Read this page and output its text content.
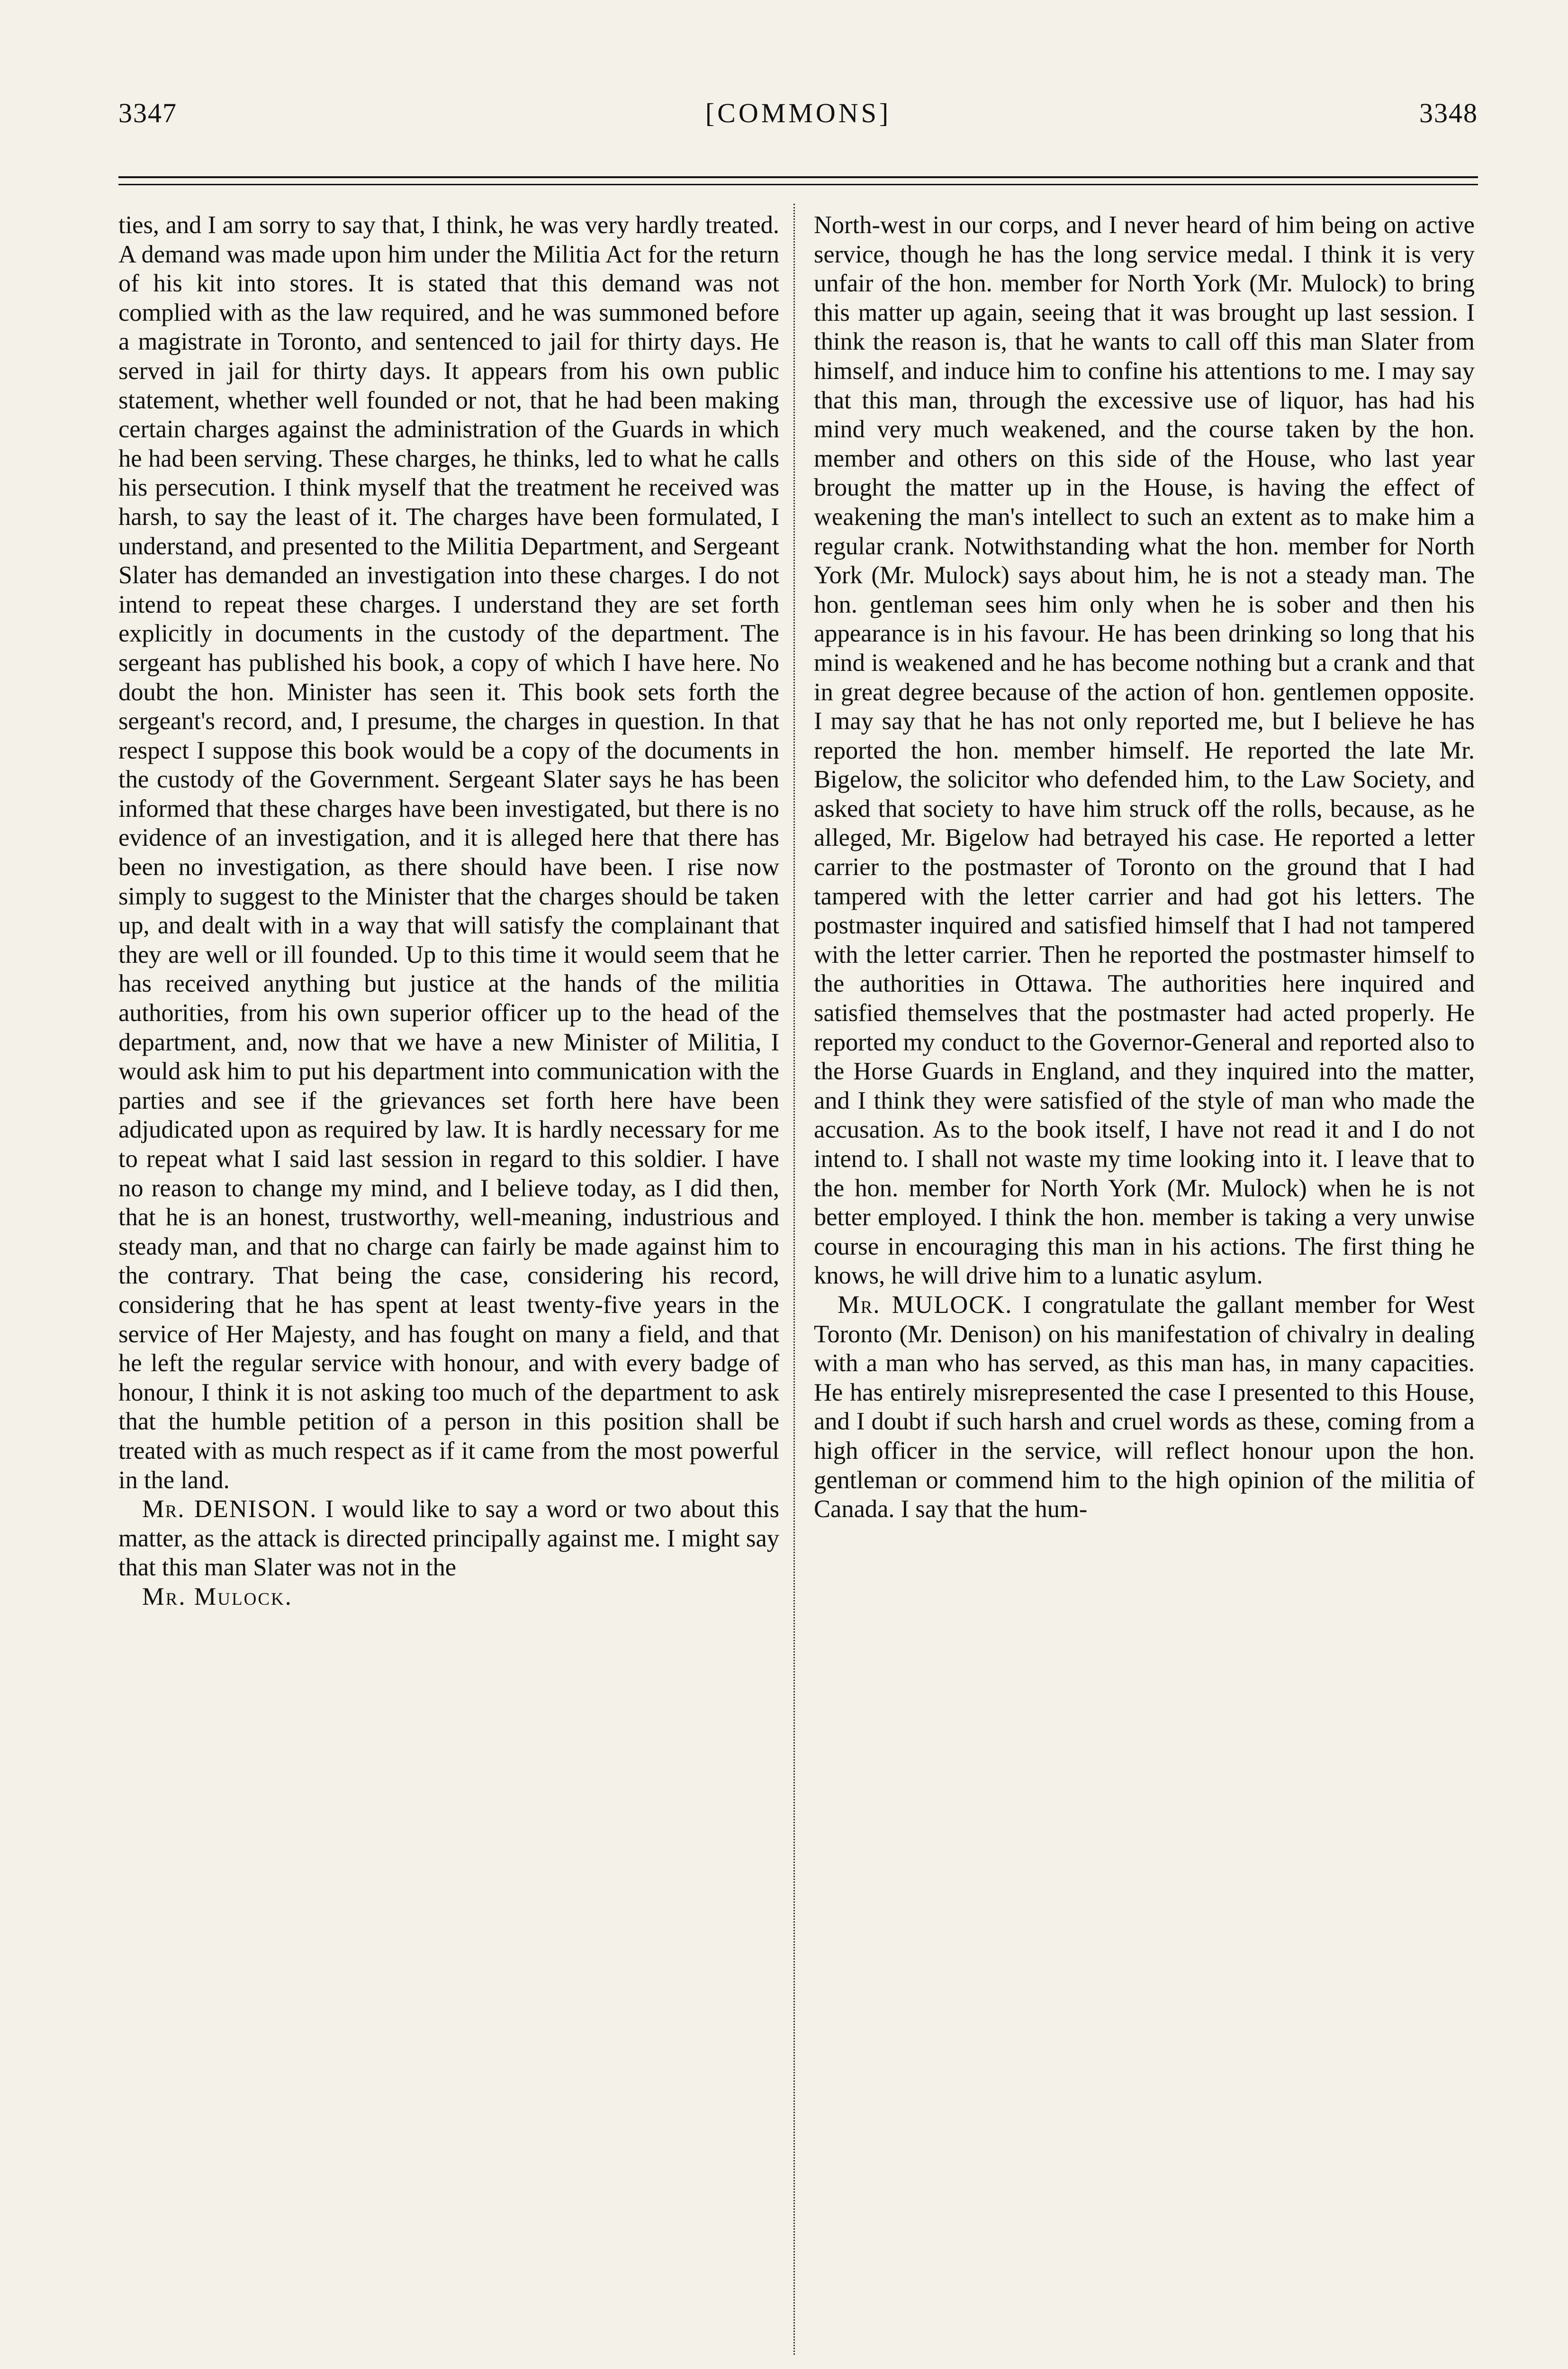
3347	[COMMONS]	3348

ties, and I am sorry to say that, I think, he was very hardly treated. A demand was made upon him under the Militia Act for the return of his kit into stores. It is stated that this demand was not complied with as the law required, and he was summoned before a magistrate in Toronto, and sentenced to jail for thirty days. He served in jail for thirty days. It appears from his own public statement, whether well founded or not, that he had been making certain charges against the administration of the Guards in which he had been serving. These charges, he thinks, led to what he calls his persecution. I think myself that the treatment he received was harsh, to say the least of it. The charges have been formulated, I understand, and presented to the Militia Department, and Sergeant Slater has demanded an investigation into these charges. I do not intend to repeat these charges. I understand they are set forth explicitly in documents in the custody of the department. The sergeant has published his book, a copy of which I have here. No doubt the hon. Minister has seen it. This book sets forth the sergeant's record, and, I presume, the charges in question. In that respect I suppose this book would be a copy of the documents in the custody of the Government. Sergeant Slater says he has been informed that these charges have been investigated, but there is no evidence of an investigation, and it is alleged here that there has been no investigation, as there should have been. I rise now simply to suggest to the Minister that the charges should be taken up, and dealt with in a way that will satisfy the complainant that they are well or ill founded. Up to this time it would seem that he has received anything but justice at the hands of the militia authorities, from his own superior officer up to the head of the department, and, now that we have a new Minister of Militia, I would ask him to put his department into communication with the parties and see if the grievances set forth here have been adjudicated upon as required by law. It is hardly necessary for me to repeat what I said last session in regard to this soldier. I have no reason to change my mind, and I believe today, as I did then, that he is an honest, trustworthy, well-meaning, industrious and steady man, and that no charge can fairly be made against him to the contrary. That being the case, considering his record, considering that he has spent at least twenty-five years in the service of Her Majesty, and has fought on many a field, and that he left the regular service with honour, and with every badge of honour, I think it is not asking too much of the department to ask that the humble petition of a person in this position shall be treated with as much respect as if it came from the most powerful in the land.

Mr. DENISON. I would like to say a word or two about this matter, as the attack is directed principally against me. I might say that this man Slater was not in the

Mr. Mulock.

North-west in our corps, and I never heard of him being on active service, though he has the long service medal. I think it is very unfair of the hon. member for North York (Mr. Mulock) to bring this matter up again, seeing that it was brought up last session. I think the reason is, that he wants to call off this man Slater from himself, and induce him to confine his attentions to me. I may say that this man, through the excessive use of liquor, has had his mind very much weakened, and the course taken by the hon. member and others on this side of the House, who last year brought the matter up in the House, is having the effect of weakening the man's intellect to such an extent as to make him a regular crank. Notwithstanding what the hon. member for North York (Mr. Mulock) says about him, he is not a steady man. The hon. gentleman sees him only when he is sober and then his appearance is in his favour. He has been drinking so long that his mind is weakened and he has become nothing but a crank and that in great degree because of the action of hon. gentlemen opposite. I may say that he has not only reported me, but I believe he has reported the hon. member himself. He reported the late Mr. Bigelow, the solicitor who defended him, to the Law Society, and asked that society to have him struck off the rolls, because, as he alleged, Mr. Bigelow had betrayed his case. He reported a letter carrier to the postmaster of Toronto on the ground that I had tampered with the letter carrier and had got his letters. The postmaster inquired and satisfied himself that I had not tampered with the letter carrier. Then he reported the postmaster himself to the authorities in Ottawa. The authorities here inquired and satisfied themselves that the postmaster had acted properly. He reported my conduct to the Governor-General and reported also to the Horse Guards in England, and they inquired into the matter, and I think they were satisfied of the style of man who made the accusation. As to the book itself, I have not read it and I do not intend to. I shall not waste my time looking into it. I leave that to the hon. member for North York (Mr. Mulock) when he is not better employed. I think the hon. member is taking a very unwise course in encouraging this man in his actions. The first thing he knows, he will drive him to a lunatic asylum.

Mr. MULOCK. I congratulate the gallant member for West Toronto (Mr. Denison) on his manifestation of chivalry in dealing with a man who has served, as this man has, in many capacities. He has entirely misrepresented the case I presented to this House, and I doubt if such harsh and cruel words as these, coming from a high officer in the service, will reflect honour upon the hon. gentleman or commend him to the high opinion of the militia of Canada. I say that the hum-
